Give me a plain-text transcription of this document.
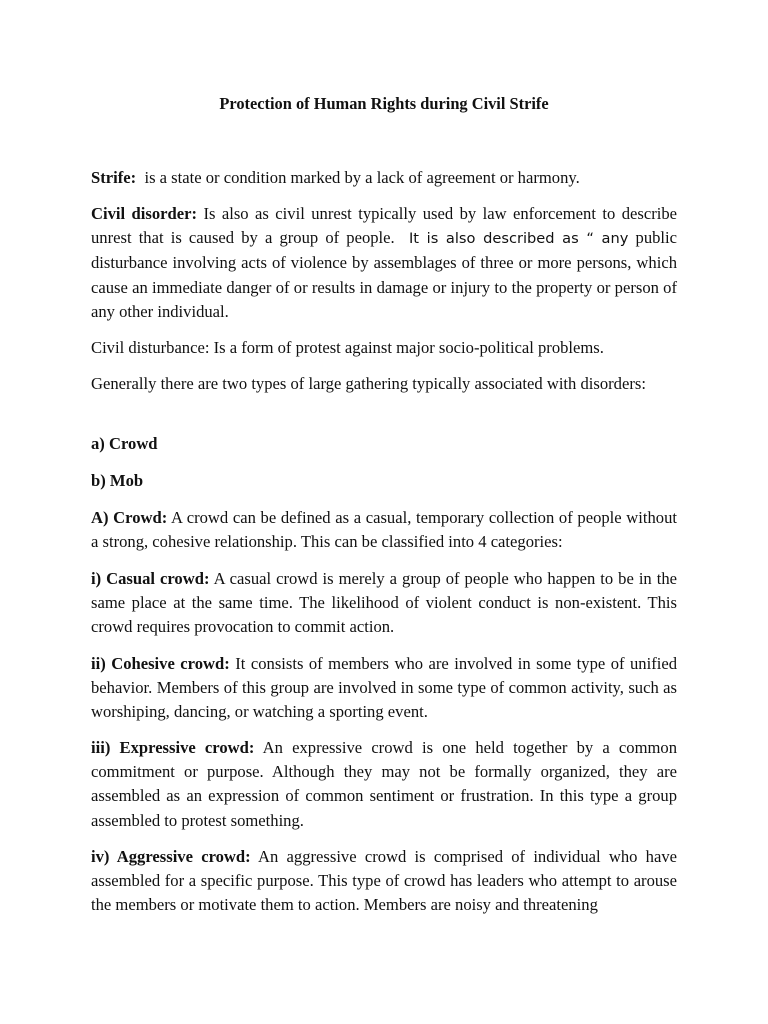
Protection of Human Rights during Civil Strife

Strife: is a state or condition marked by a lack of agreement or harmony.

Civil disorder: Is also as civil unrest typically used by law enforcement to describe unrest that is caused by a group of people. It is also described as “ any public disturbance involving acts of violence by assemblages of three or more persons, which cause an immediate danger of or results in damage or injury to the property or person of any other individual.

Civil disturbance: Is a form of protest against major socio-political problems.

Generally there are two types of large gathering typically associated with disorders:

a) Crowd

b) Mob

A) Crowd: A crowd can be defined as a casual, temporary collection of people without a strong, cohesive relationship. This can be classified into 4 categories:

i) Casual crowd: A casual crowd is merely a group of people who happen to be in the same place at the same time. The likelihood of violent conduct is non-existent. This crowd requires provocation to commit action.

ii) Cohesive crowd: It consists of members who are involved in some type of unified behavior. Members of this group are involved in some type of common activity, such as worshiping, dancing, or watching a sporting event.

iii) Expressive crowd: An expressive crowd is one held together by a common commitment or purpose. Although they may not be formally organized, they are assembled as an expression of common sentiment or frustration. In this type a group assembled to protest something.

iv) Aggressive crowd: An aggressive crowd is comprised of individual who have assembled for a specific purpose. This type of crowd has leaders who attempt to arouse the members or motivate them to action. Members are noisy and threatening
